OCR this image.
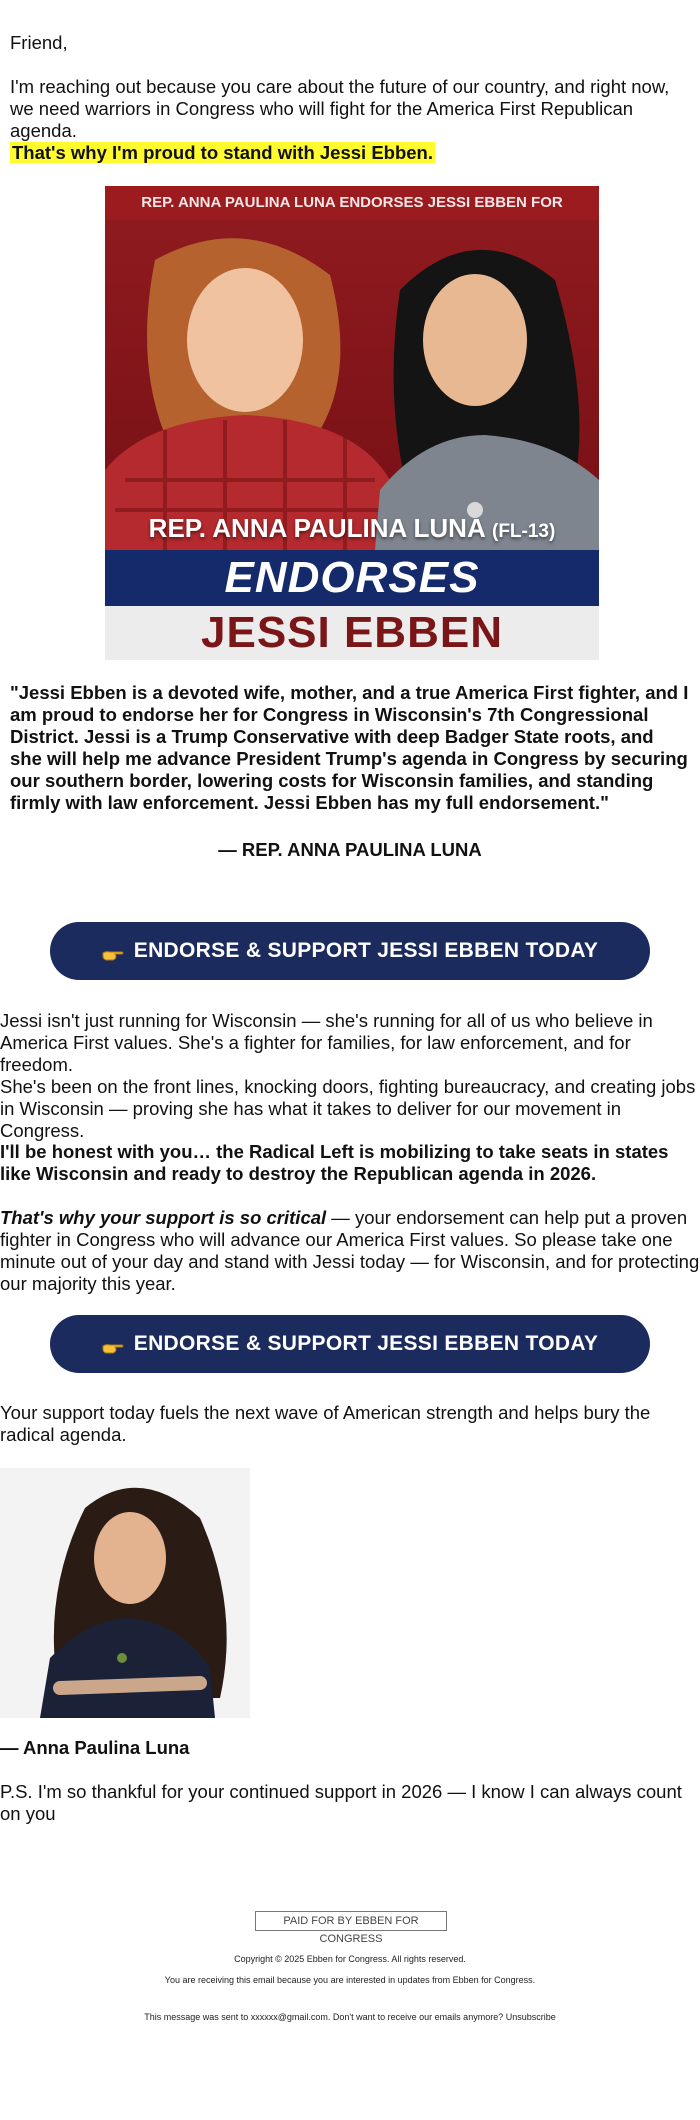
Friend,

I'm reaching out because you care about the future of our country, and right now, we need warriors in Congress who will fight for the America First Republican agenda.

That's why I'm proud to stand with Jessi Ebben.

REP. ANNA PAULINA LUNA ENDORSES JESSI EBBEN FOR
REP. ANNA PAULINA LUNA (FL-13)
ENDORSES
JESSI EBBEN

"Jessi Ebben is a devoted wife, mother, and a true America First fighter, and I am proud to endorse her for Congress in Wisconsin's 7th Congressional District. Jessi is a Trump Conservative with deep Badger State roots, and she will help me advance President Trump's agenda in Congress by securing our southern border, lowering costs for Wisconsin families, and standing firmly with law enforcement. Jessi Ebben has my full endorsement."

— REP. ANNA PAULINA LUNA
ENDORSE & SUPPORT JESSI EBBEN TODAY

Jessi isn't just running for Wisconsin — she's running for all of us who believe in America First values. She's a fighter for families, for law enforcement, and for freedom.

She's been on the front lines, knocking doors, fighting bureaucracy, and creating jobs in Wisconsin — proving she has what it takes to deliver for our movement in Congress.

I'll be honest with you… the Radical Left is mobilizing to take seats in states like Wisconsin and ready to destroy the Republican agenda in 2026.

That's why your support is so critical — your endorsement can help put a proven fighter in Congress who will advance our America First values. So please take one minute out of your day and stand with Jessi today — for Wisconsin, and for protecting our majority this year.

ENDORSE & SUPPORT JESSI EBBEN TODAY

Your support today fuels the next wave of American strength and helps bury the radical agenda.

— Anna Paulina Luna

P.S. I'm so thankful for your continued support in 2026 — I know I can always count on you

PAID FOR BY EBBEN FOR CONGRESS
Copyright © 2025 Ebben for Congress. All rights reserved.
You are receiving this email because you are interested in updates from Ebben for Congress.
This message was sent to xxxxxx@gmail.com. Don't want to receive our emails anymore? Unsubscribe
